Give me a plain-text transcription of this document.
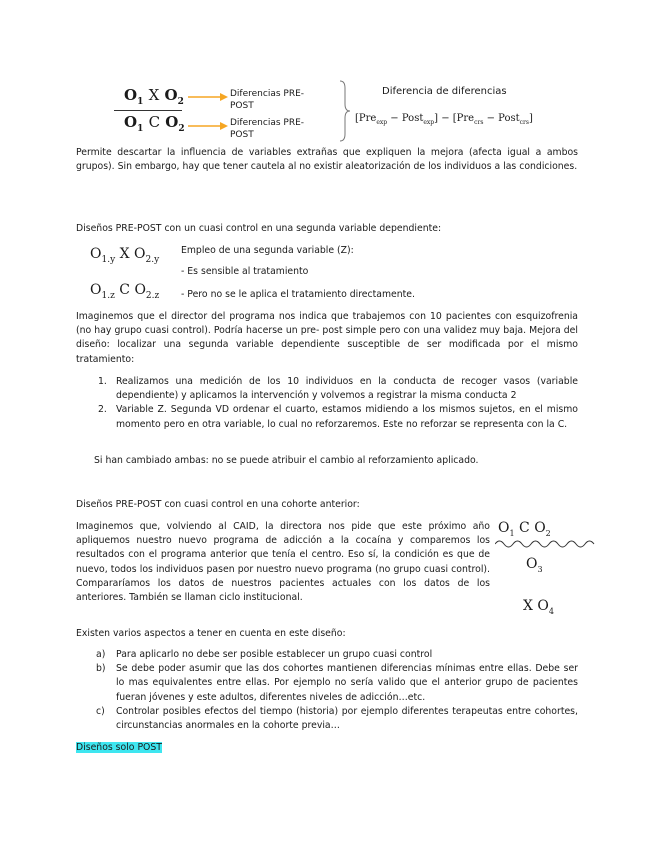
$O_1$ X $O_2$
$O_1$ C $O_2$
Diferencias PRE-POST
Diferencias PRE-POST
Diferencia de diferencias
[Pre$_{exp}$ − Post$_{exp}$] − [Pre$_{crs}$ − Post$_{crs}$]

Permite descartar la influencia de variables extrañas que expliquen la mejora (afecta igual a ambos grupos). Sin embargo, hay que tener cautela al no existir aleatorización de los individuos a las condiciones.

Diseños PRE-POST con un cuasi control en una segunda variable dependiente:
$O_{1.y}$ X $O_{2.y}$
$O_{1.z}$ C $O_{2.z}$
Empleo de una segunda variable (Z):
- Es sensible al tratamiento
- Pero no se le aplica el tratamiento directamente.

Imaginemos que el director del programa nos indica que trabajemos con 10 pacientes con esquizofrenia (no hay grupo cuasi control). Podría hacerse un pre- post simple pero con una validez muy baja. Mejora del diseño: localizar una segunda variable dependiente susceptible de ser modificada por el mismo tratamiento:

1. Realizamos una medición de los 10 individuos en la conducta de recoger vasos (variable dependiente) y aplicamos la intervención y volvemos a registrar la misma conducta 2
2. Variable Z. Segunda VD ordenar el cuarto, estamos midiendo a los mismos sujetos, en el mismo momento pero en otra variable, lo cual no reforzaremos. Este no reforzar se representa con la C.
Si han cambiado ambas: no se puede atribuir el cambio al reforzamiento aplicado.
Diseños PRE-POST con cuasi control en una cohorte anterior:

Imaginemos que, volviendo al CAID, la directora nos pide que este próximo año apliquemos nuestro nuevo programa de adicción a la cocaína y comparemos los resultados con el programa anterior que tenía el centro. Eso sí, la condición es que de nuevo, todos los individuos pasen por nuestro nuevo programa (no grupo cuasi control). Compararíamos los datos de nuestros pacientes actuales con los datos de los anteriores. También se llaman ciclo institucional.

$O_1$ C $O_2$
$O_3$
X $O_4$
Existen varios aspectos a tener en cuenta en este diseño:
a) Para aplicarlo no debe ser posible establecer un grupo cuasi control
b) Se debe poder asumir que las dos cohortes mantienen diferencias mínimas entre ellas. Debe ser lo mas equivalentes entre ellas. Por ejemplo no sería valido que el anterior grupo de pacientes fueran jóvenes y este adultos, diferentes niveles de adicción…etc.
c) Controlar posibles efectos del tiempo (historia) por ejemplo diferentes terapeutas entre cohortes, circunstancias anormales en la cohorte previa…
Diseños solo POST
